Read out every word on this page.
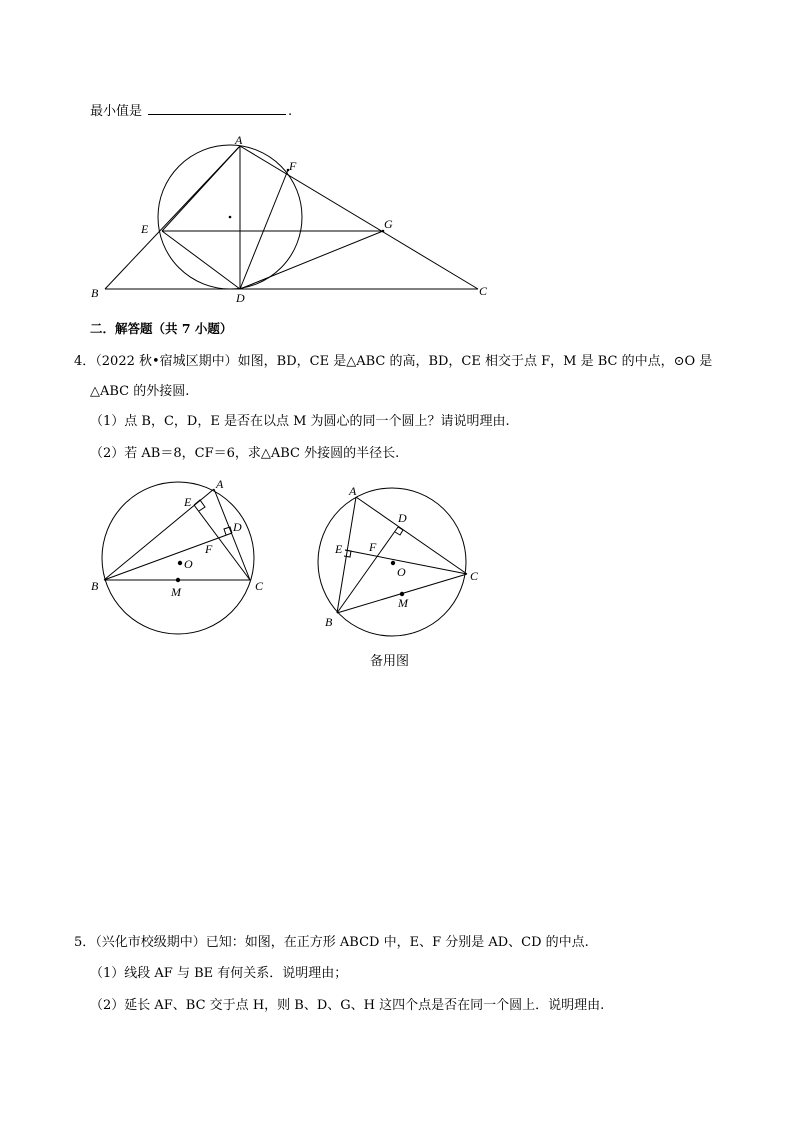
最小值是	.
A
F
E	G
B	D	C
二．解答题（共 7 小题）
4．（2022 秋•宿城区期中）如图，BD，CE 是△ABC 的高，BD，CE 相交于点 F，M 是 BC 的中点，⊙O 是
△ABC 的外接圆.
（1）点 B，C，D，E 是否在以点 M 为圆心的同一个圆上？请说明理由.
（2）若 AB＝8，CF＝6，求△ABC 外接圆的半径长.
A
E
D
F
O
B	C
M
A
D
E F
O	C
M
B
备用图
5．（兴化市校级期中）已知：如图，在正方形 ABCD 中，E、F 分别是 AD、CD 的中点.
（1）线段 AF 与 BE 有何关系．说明理由；
（2）延长 AF、BC 交于点 H，则 B、D、G、H 这四个点是否在同一个圆上．说明理由.
